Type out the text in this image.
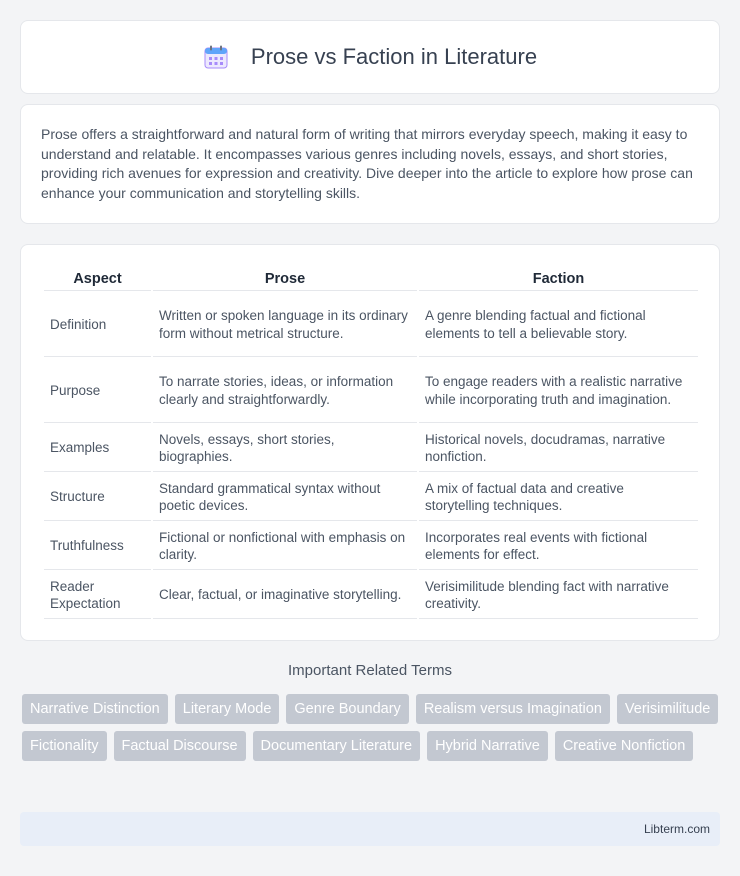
Prose vs Faction in Literature

Prose offers a straightforward and natural form of writing that mirrors everyday speech, making it easy to understand and relatable. It encompasses various genres including novels, essays, and short stories, providing rich avenues for expression and creativity. Dive deeper into the article to explore how prose can enhance your communication and storytelling skills.

Aspect	Prose	Faction
Definition	Written or spoken language in its ordinary form without metrical structure.	A genre blending factual and fictional elements to tell a believable story.
Purpose	To narrate stories, ideas, or information clearly and straightforwardly.	To engage readers with a realistic narrative while incorporating truth and imagination.
Examples	Novels, essays, short stories, biographies.	Historical novels, docudramas, narrative nonfiction.
Structure	Standard grammatical syntax without poetic devices.	A mix of factual data and creative storytelling techniques.
Truthfulness	Fictional or nonfictional with emphasis on clarity.	Incorporates real events with fictional elements for effect.
Reader Expectation	Clear, factual, or imaginative storytelling.	Verisimilitude blending fact with narrative creativity.
Important Related Terms
Narrative Distinction	Literary Mode	Genre Boundary	Realism versus Imagination	Verisimilitude
Fictionality	Factual Discourse	Documentary Literature	Hybrid Narrative	Creative Nonfiction
Libterm.com
